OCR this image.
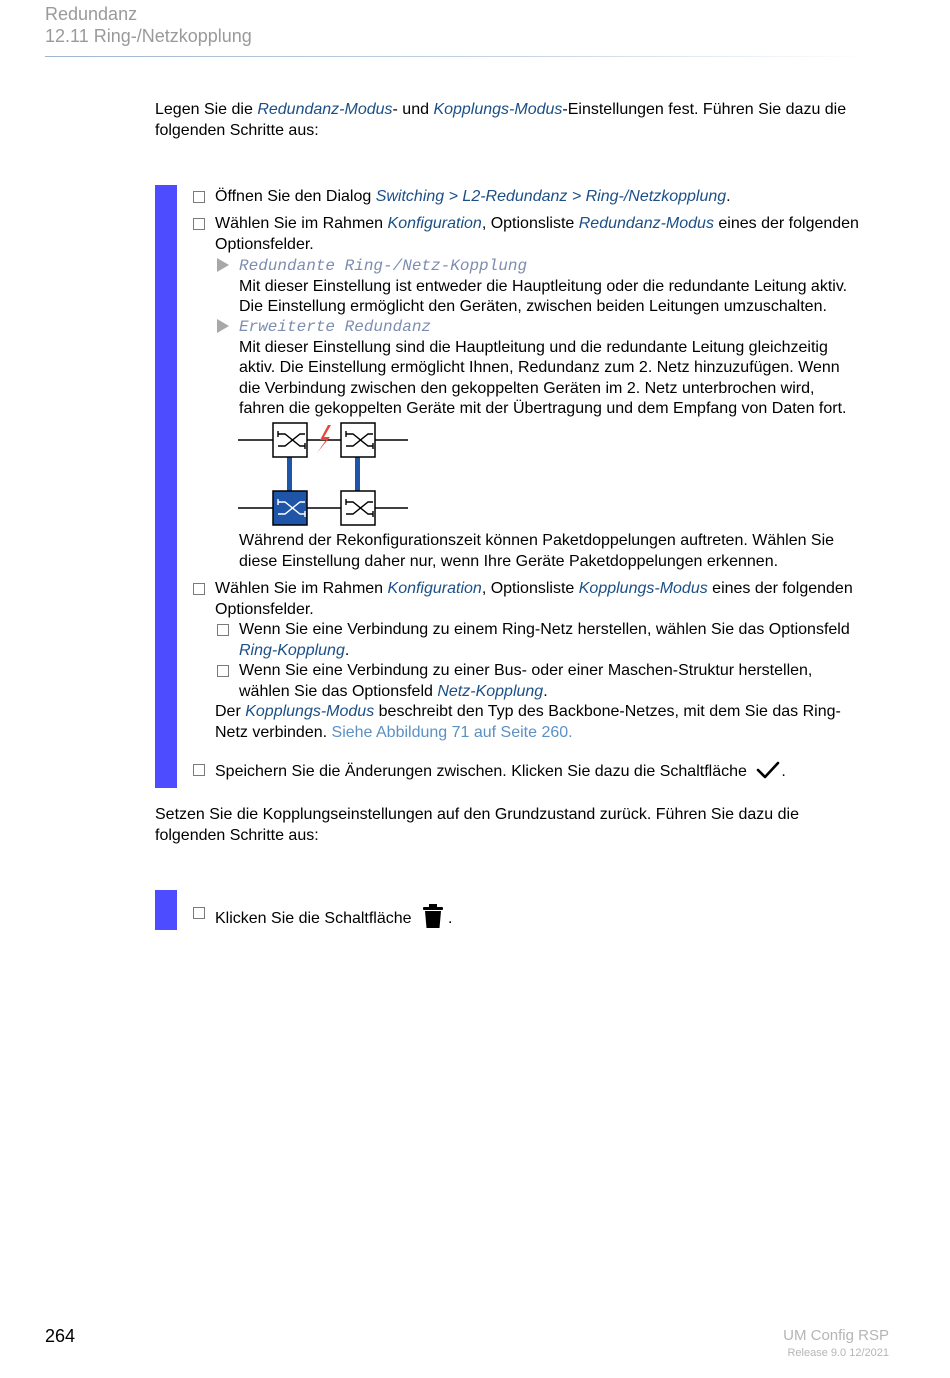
Redundanz
12.11 Ring-/Netzkopplung
Legen Sie die Redundanz-Modus- und Kopplungs-Modus-Einstellungen fest. Führen Sie dazu die
folgenden Schritte aus:
Öffnen Sie den Dialog Switching > L2-Redundanz > Ring-/Netzkopplung.
Wählen Sie im Rahmen Konfiguration, Optionsliste Redundanz-Modus eines der folgenden
Optionsfelder.
Redundante Ring-/Netz-Kopplung
Mit dieser Einstellung ist entweder die Hauptleitung oder die redundante Leitung aktiv.
Die Einstellung ermöglicht den Geräten, zwischen beiden Leitungen umzuschalten.
Erweiterte Redundanz
Mit dieser Einstellung sind die Hauptleitung und die redundante Leitung gleichzeitig
aktiv. Die Einstellung ermöglicht Ihnen, Redundanz zum 2. Netz hinzuzufügen. Wenn
die Verbindung zwischen den gekoppelten Geräten im 2. Netz unterbrochen wird,
fahren die gekoppelten Geräte mit der Übertragung und dem Empfang von Daten fort.
Während der Rekonfigurationszeit können Paketdoppelungen auftreten. Wählen Sie
diese Einstellung daher nur, wenn Ihre Geräte Paketdoppelungen erkennen.
Wählen Sie im Rahmen Konfiguration, Optionsliste Kopplungs-Modus eines der folgenden
Optionsfelder.
Wenn Sie eine Verbindung zu einem Ring-Netz herstellen, wählen Sie das Optionsfeld
Ring-Kopplung.
Wenn Sie eine Verbindung zu einer Bus- oder einer Maschen-Struktur herstellen,
wählen Sie das Optionsfeld Netz-Kopplung.
Der Kopplungs-Modus beschreibt den Typ des Backbone-Netzes, mit dem Sie das Ring-
Netz verbinden. Siehe Abbildung 71 auf Seite 260.
Speichern Sie die Änderungen zwischen. Klicken Sie dazu die Schaltfläche .
Setzen Sie die Kopplungseinstellungen auf den Grundzustand zurück. Führen Sie dazu die
folgenden Schritte aus:
Klicken Sie die Schaltfläche .
264	UM Config RSP
Release 9.0 12/2021
